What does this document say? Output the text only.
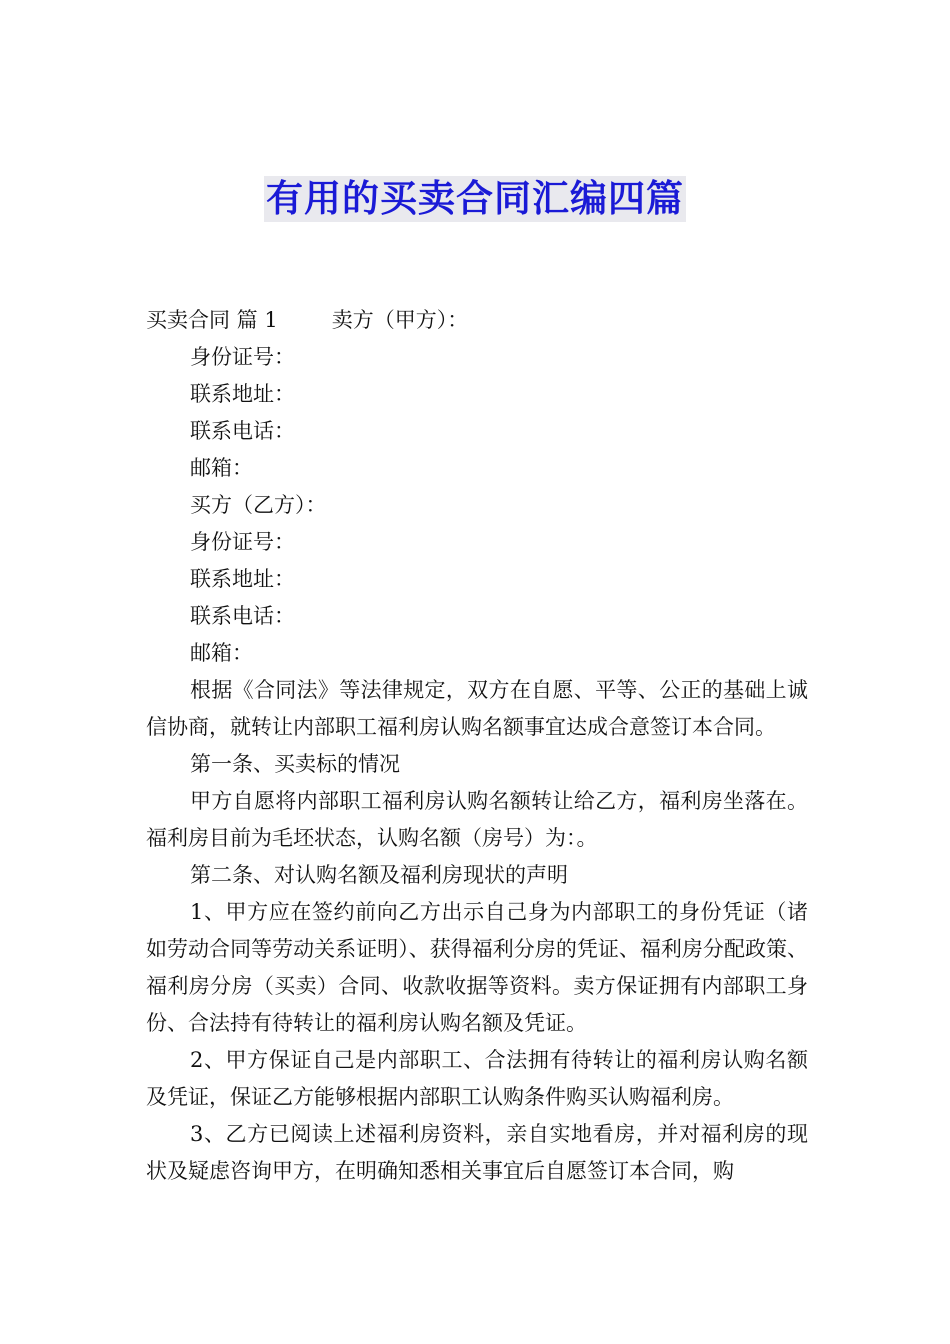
有用的买卖合同汇编四篇

买卖合同 篇 1	卖方（甲方）：

身份证号：

联系地址：

联系电话：

邮箱：

买方（乙方）：

身份证号：

联系地址：

联系电话：

邮箱：

根据《合同法》等法律规定，双方在自愿、平等、公正的基础上诚信协商，就转让内部职工福利房认购名额事宜达成合意签订本合同。

第一条、买卖标的情况

甲方自愿将内部职工福利房认购名额转让给乙方，福利房坐落在。福利房目前为毛坯状态，认购名额（房号）为：。

第二条、对认购名额及福利房现状的声明

1、甲方应在签约前向乙方出示自己身为内部职工的身份凭证（诸如劳动合同等劳动关系证明）、获得福利分房的凭证、福利房分配政策、福利房分房（买卖）合同、收款收据等资料。卖方保证拥有内部职工身份、合法持有待转让的福利房认购名额及凭证。

2、甲方保证自己是内部职工、合法拥有待转让的福利房认购名额及凭证，保证乙方能够根据内部职工认购条件购买认购福利房。

3、乙方已阅读上述福利房资料，亲自实地看房，并对福利房的现状及疑虑咨询甲方，在明确知悉相关事宜后自愿签订本合同，购
